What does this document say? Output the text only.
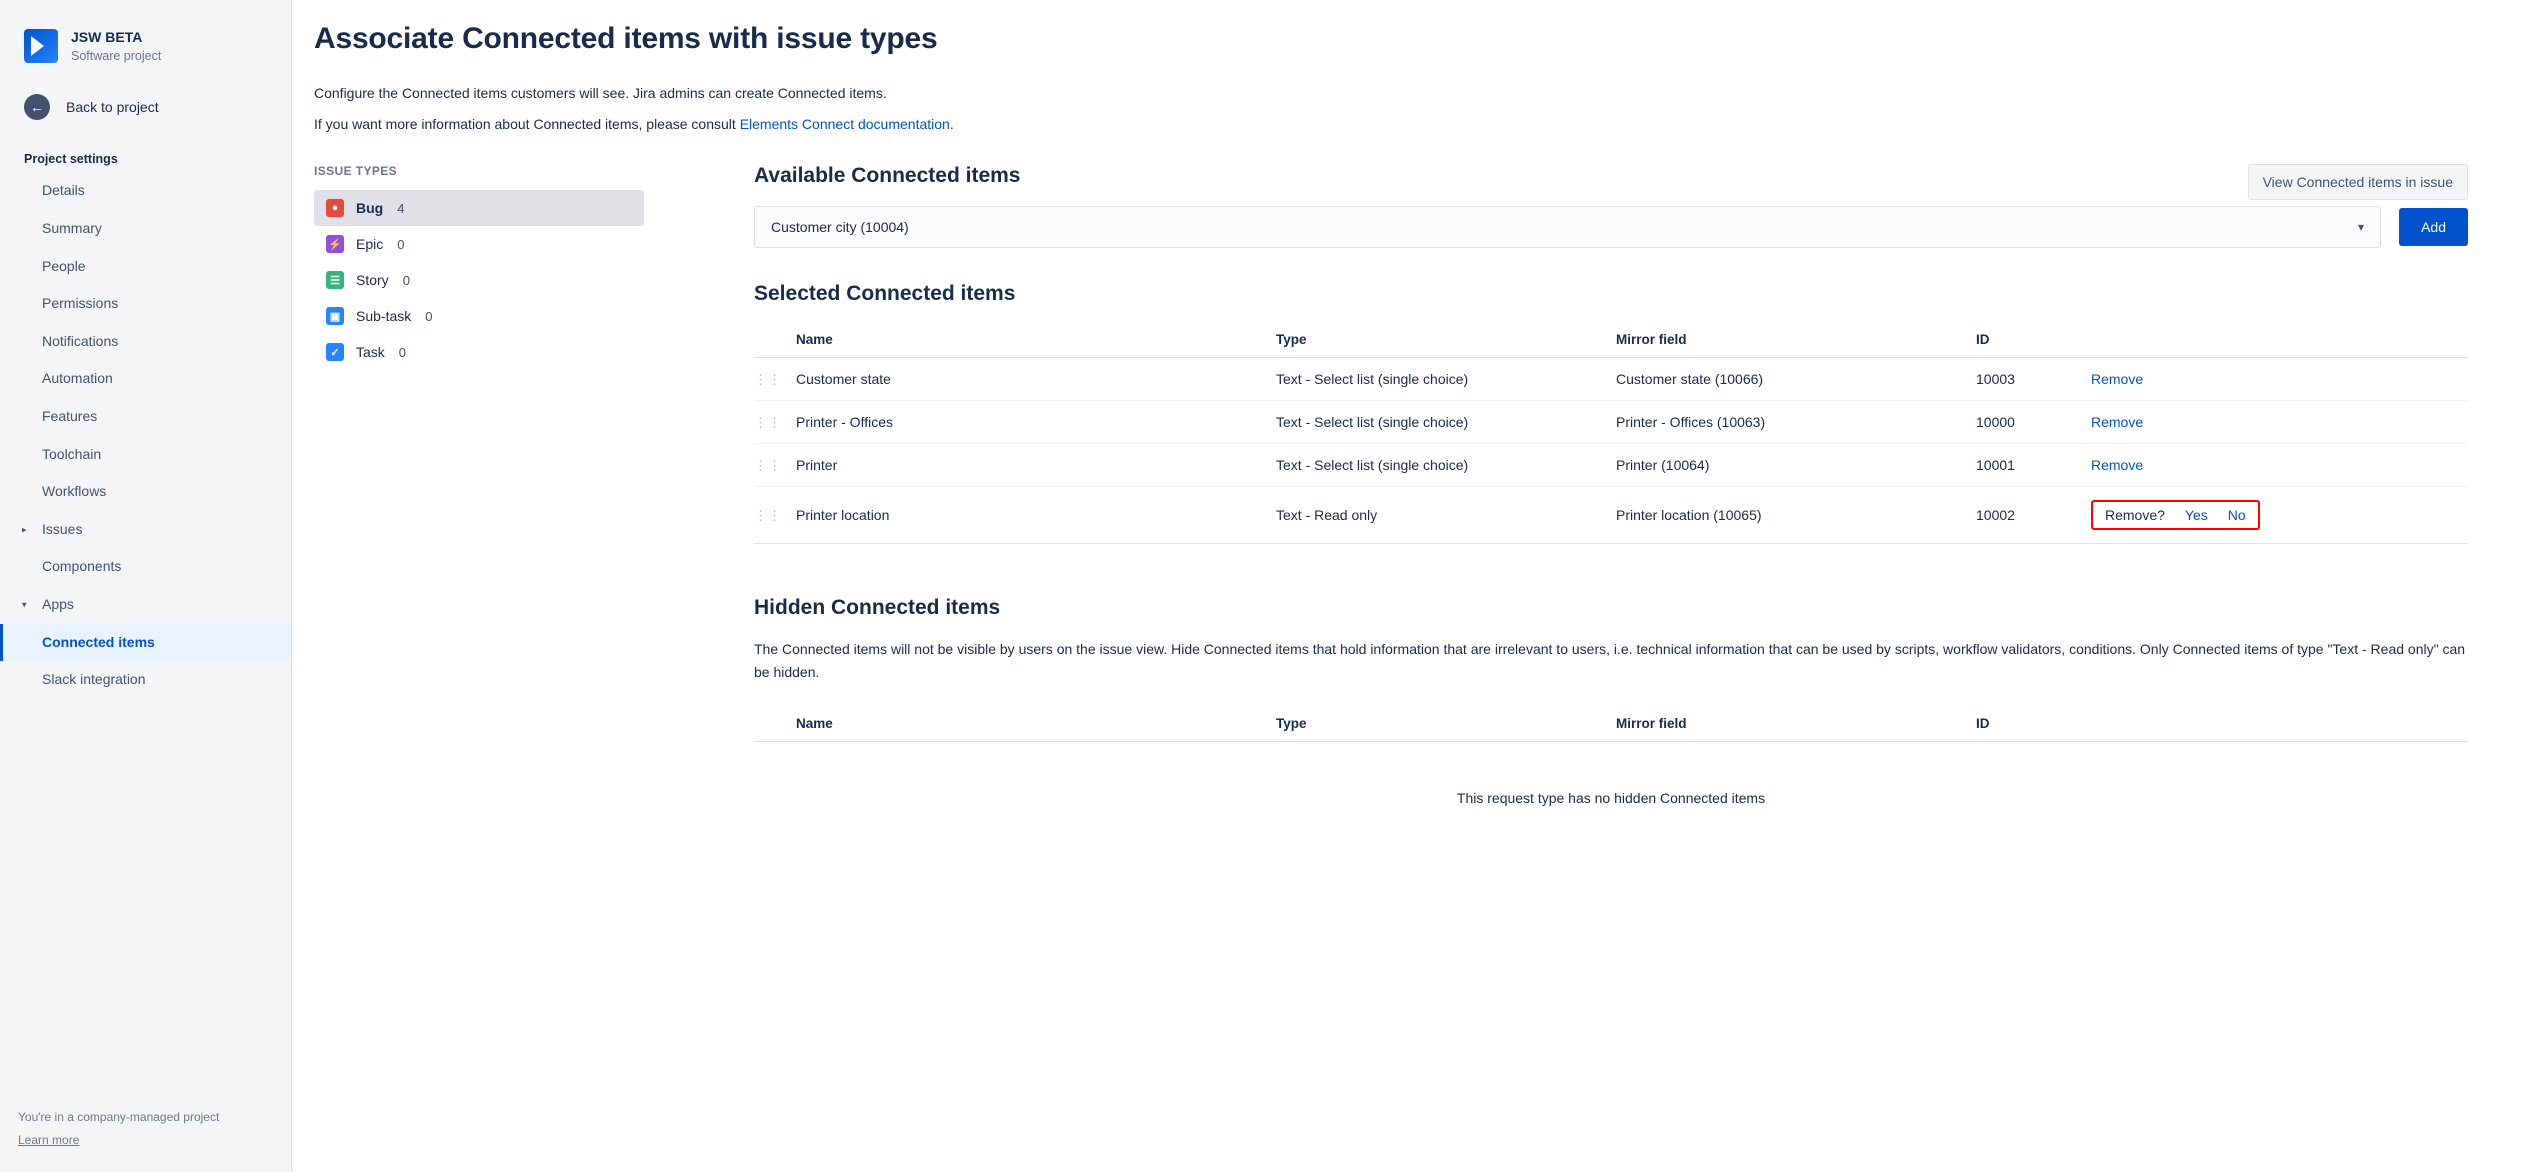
JSW BETA
Software project
←	Back to project
Project settings
Details
Summary
People
Permissions
Notifications
Automation
Features
Toolchain
Workflows
▸ Issues
Components
▾ Apps
Connected items
Slack integration
You're in a company-managed project
Learn more
Associate Connected items with issue types
Configure the Connected items customers will see. Jira admins can create Connected items.
If you want more information about Connected items, please consult Elements Connect documentation.
ISSUE TYPES
●	Bug 4
⚡ Epic 0
☰ Story 0
▣ Sub-task 0
✓	Task 0
Available Connected items	View Connected items in issue
Customer city (10004)	▾	Add
Selected Connected items
	Name	Type	Mirror field	ID	
⋮⋮	Customer state	Text - Select list (single choice)	Customer state (10066)	10003	Remove
⋮⋮	Printer - Offices	Text - Select list (single choice)	Printer - Offices (10063)	10000	Remove
⋮⋮	Printer	Text - Select list (single choice)	Printer (10064)	10001	Remove
⋮⋮	Printer location	Text - Read only	Printer location (10065)	10002	Remove? Yes No
Hidden Connected items
The Connected items will not be visible by users on the issue view. Hide Connected items that hold information that are irrelevant to users, i.e. technical information that can be used by scripts, workflow validators, conditions. Only Connected items of type "Text - Read only" can be hidden.
	Name	Type	Mirror field	ID	
This request type has no hidden Connected items
